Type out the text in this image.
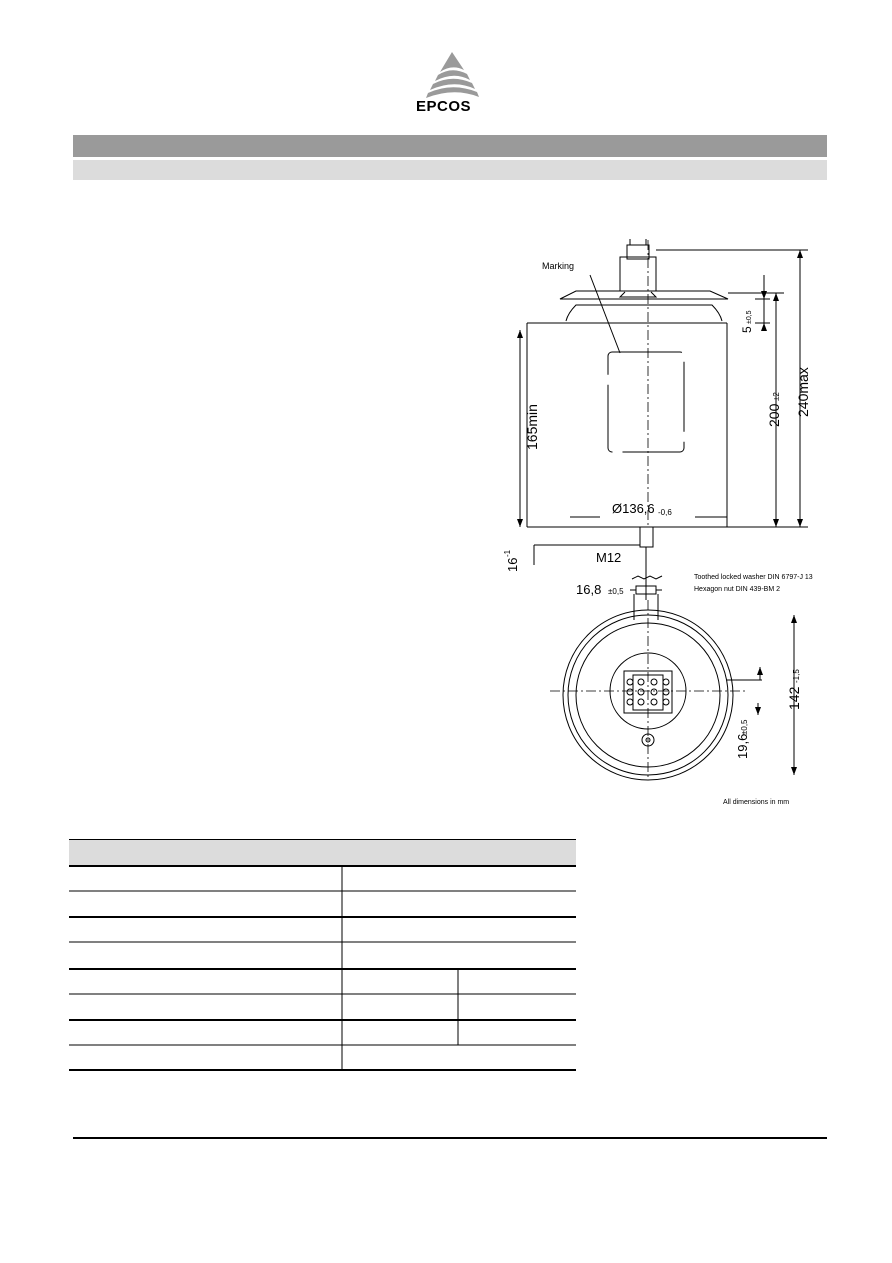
EPCOS
Marking
Ø136,6 -0,6
M12
Toothed locked washer DIN 6797-J 13
Hexagon nut DIN 439-BM 2
16,8 ±0,5
All dimensions in mm
5
±0,5
200
±2 240max
165min
16
-1
142
-1,5
19,6
±0,5
